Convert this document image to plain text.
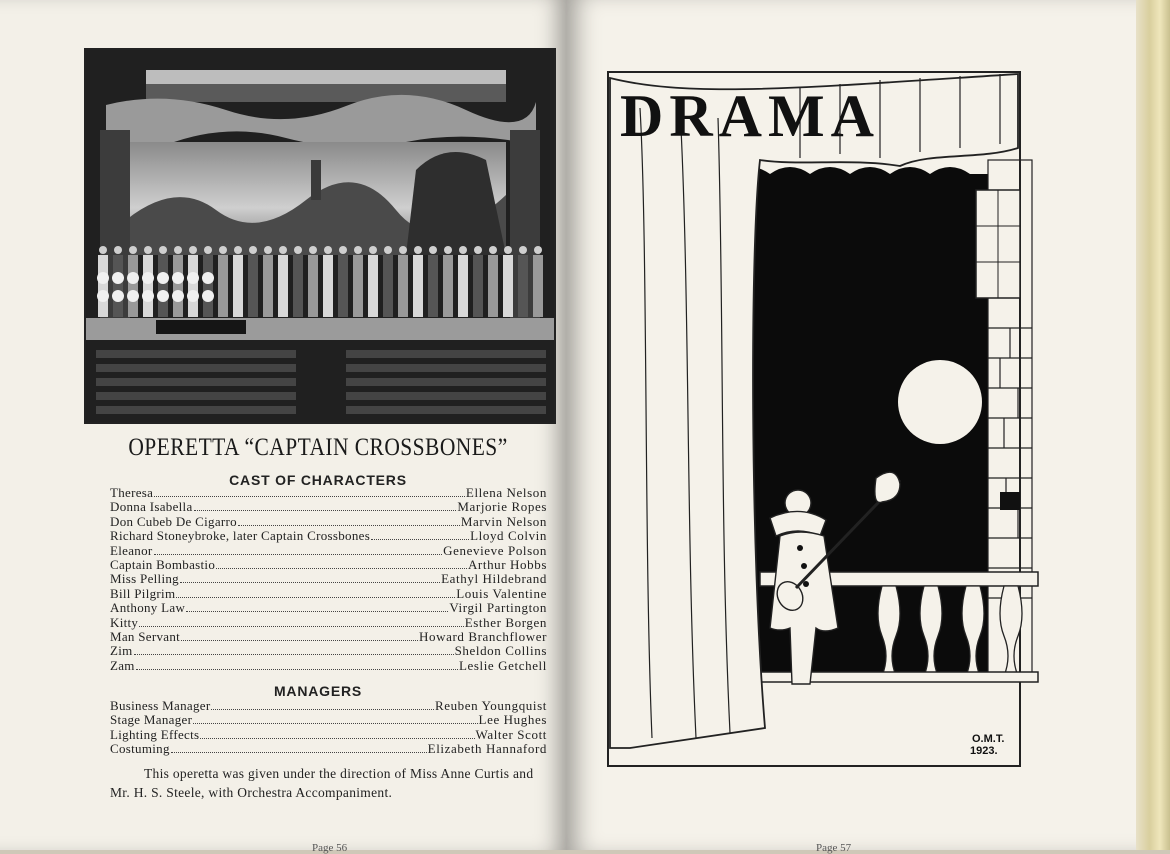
OPERETTA “CAPTAIN CROSSBONES”
CAST OF CHARACTERS
Theresa	Ellena Nelson
Donna Isabella	Marjorie Ropes
Don Cubeb De Cigarro	Marvin Nelson
Richard Stoneybroke, later Captain Crossbones	Lloyd Colvin
Eleanor	Genevieve Polson
Captain Bombastio	Arthur Hobbs
Miss Pelling	Eathyl Hildebrand
Bill Pilgrim	Louis Valentine
Anthony Law	Virgil Partington
Kitty	Esther Borgen
Man Servant	Howard Branchflower
Zim	Sheldon Collins
Zam	Leslie Getchell
MANAGERS
Business Manager	Reuben Youngquist
Stage Manager	Lee Hughes
Lighting Effects	Walter Scott
Costuming	Elizabeth Hannaford
This operetta was given under the direction of Miss Anne Curtis and Mr. H. S. Steele, with Orchestra Accompaniment.
Page 56	Page 57
DRAMA
O.M.T. 1923.
